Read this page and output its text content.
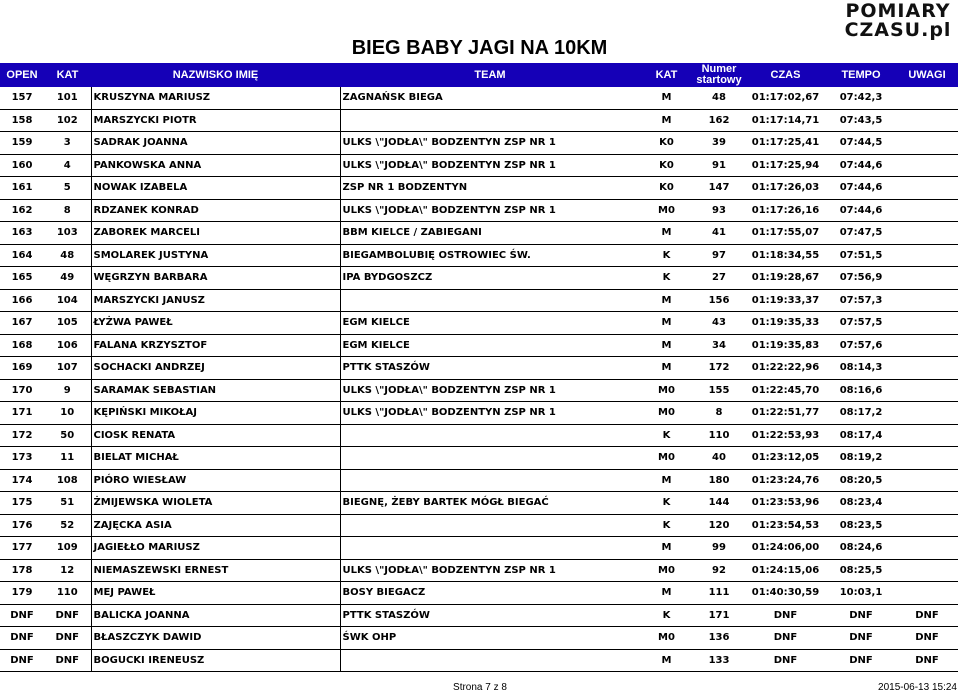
BIEG BABY JAGI NA 10KM
POMIARY
CZASU.pl
OPEN	KAT	NAZWISKO IMIĘ	TEAM	KAT	Numer startowy	CZAS	TEMPO	UWAGI
157	101	KRUSZYNA MARIUSZ	ZAGNAŃSK BIEGA	M	48	01:17:02,67	07:42,3	
158	102	MARSZYCKI PIOTR		M	162	01:17:14,71	07:43,5	
159	3	SADRAK JOANNA	ULKS \"JODŁA\" BODZENTYN ZSP NR 1	K0	39	01:17:25,41	07:44,5	
160	4	PANKOWSKA ANNA	ULKS \"JODŁA\" BODZENTYN ZSP NR 1	K0	91	01:17:25,94	07:44,6	
161	5	NOWAK IZABELA	ZSP NR 1 BODZENTYN	K0	147	01:17:26,03	07:44,6	
162	8	RDZANEK KONRAD	ULKS \"JODŁA\" BODZENTYN ZSP NR 1	M0	93	01:17:26,16	07:44,6	
163	103	ZABOREK MARCELI	BBM KIELCE / ZABIEGANI	M	41	01:17:55,07	07:47,5	
164	48	SMOLAREK JUSTYNA	BIEGAMBOLUBIĘ OSTROWIEC ŚW.	K	97	01:18:34,55	07:51,5	
165	49	WĘGRZYN BARBARA	IPA BYDGOSZCZ	K	27	01:19:28,67	07:56,9	
166	104	MARSZYCKI JANUSZ		M	156	01:19:33,37	07:57,3	
167	105	ŁYŻWA PAWEŁ	EGM KIELCE	M	43	01:19:35,33	07:57,5	
168	106	FALANA KRZYSZTOF	EGM KIELCE	M	34	01:19:35,83	07:57,6	
169	107	SOCHACKI ANDRZEJ	PTTK STASZÓW	M	172	01:22:22,96	08:14,3	
170	9	SARAMAK SEBASTIAN	ULKS \"JODŁA\" BODZENTYN ZSP NR 1	M0	155	01:22:45,70	08:16,6	
171	10	KĘPIŃSKI MIKOŁAJ	ULKS \"JODŁA\" BODZENTYN ZSP NR 1	M0	8	01:22:51,77	08:17,2	
172	50	CIOSK RENATA		K	110	01:22:53,93	08:17,4	
173	11	BIELAT MICHAŁ		M0	40	01:23:12,05	08:19,2	
174	108	PIÓRO WIESŁAW		M	180	01:23:24,76	08:20,5	
175	51	ŻMIJEWSKA WIOLETA	BIEGNĘ, ŻEBY BARTEK MÓGŁ BIEGAĆ	K	144	01:23:53,96	08:23,4	
176	52	ZAJĘCKA ASIA		K	120	01:23:54,53	08:23,5	
177	109	JAGIEŁŁO MARIUSZ		M	99	01:24:06,00	08:24,6	
178	12	NIEMASZEWSKI ERNEST	ULKS \"JODŁA\" BODZENTYN ZSP NR 1	M0	92	01:24:15,06	08:25,5	
179	110	MEJ PAWEŁ	BOSY BIEGACZ	M	111	01:40:30,59	10:03,1	
DNF	DNF	BALICKA JOANNA	PTTK STASZÓW	K	171	DNF	DNF	DNF
DNF	DNF	BŁASZCZYK DAWID	ŚWK OHP	M0	136	DNF	DNF	DNF
DNF	DNF	BOGUCKI IRENEUSZ		M	133	DNF	DNF	DNF
Strona 7 z 8	2015-06-13 15:24
